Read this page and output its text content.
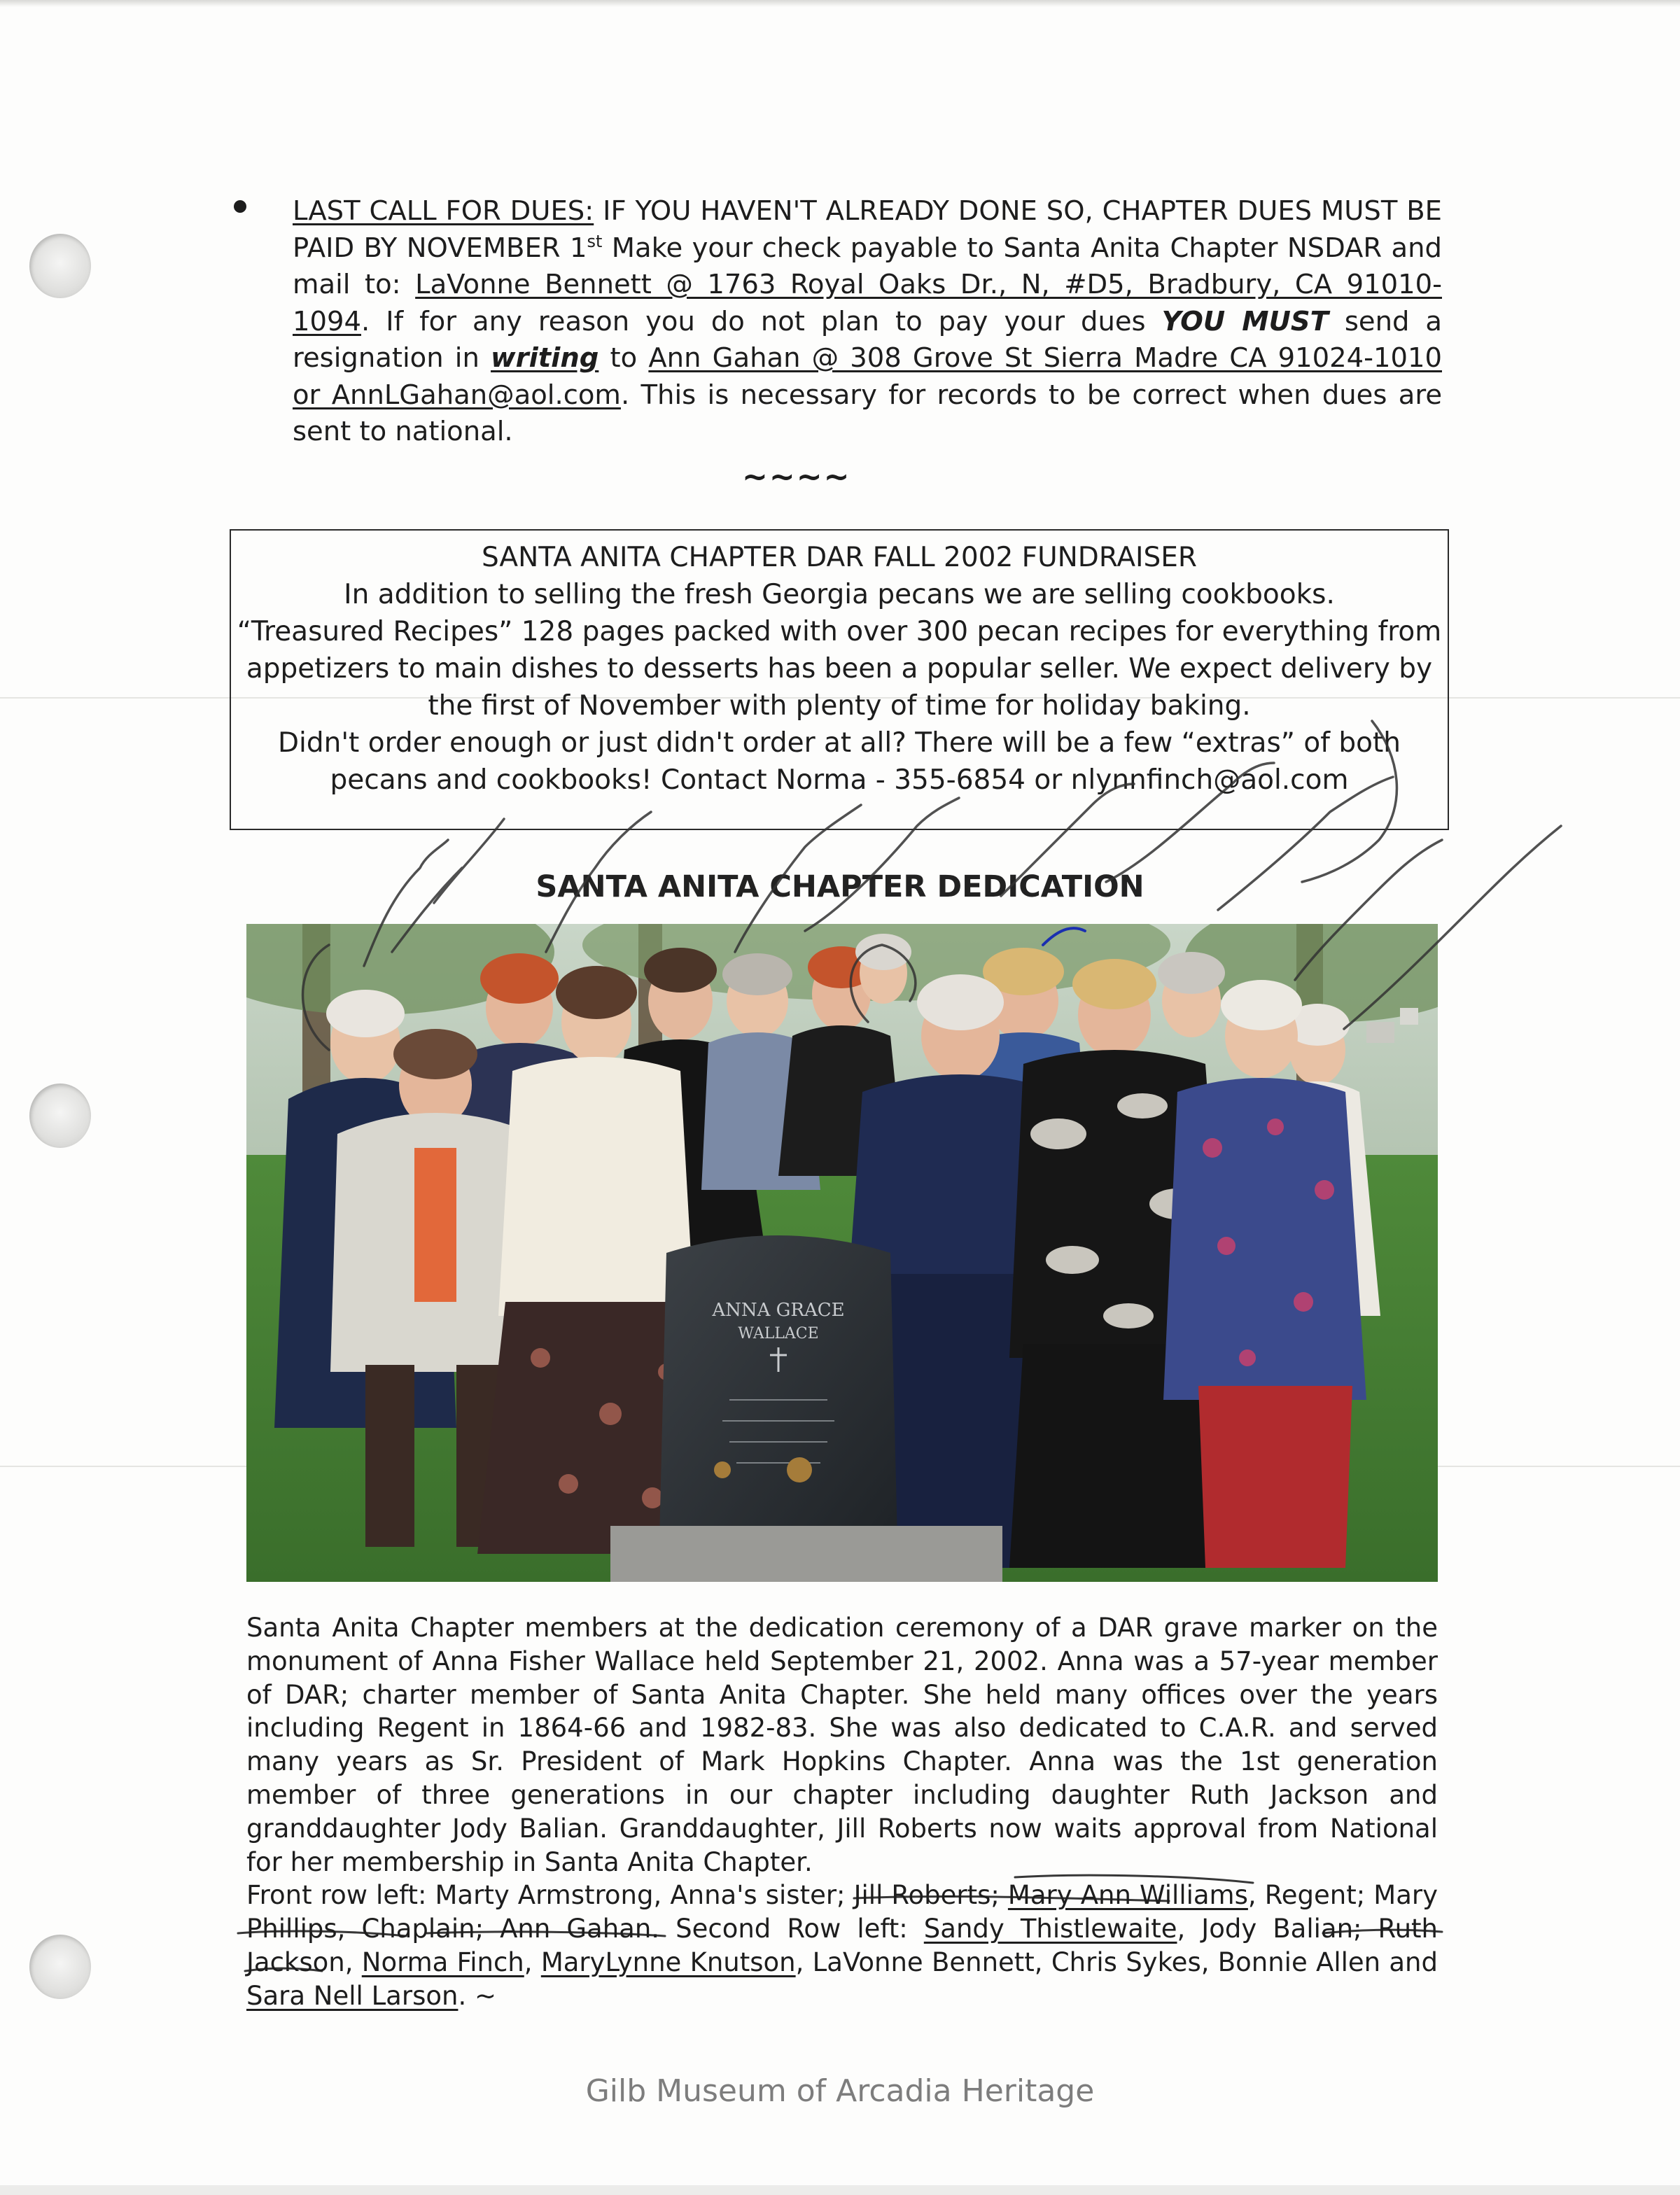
LAST CALL FOR DUES: IF YOU HAVEN'T ALREADY DONE SO, CHAPTER DUES MUST BE PAID BY NOVEMBER 1st Make your check payable to Santa Anita Chapter NSDAR and mail to: LaVonne Bennett @ 1763 Royal Oaks Dr., N, #D5, Bradbury, CA 91010-1094. If for any reason you do not plan to pay your dues YOU MUST send a resignation in writing to Ann Gahan @ 308 Grove St Sierra Madre CA 91024-1010 or AnnLGahan@aol.com. This is necessary for records to be correct when dues are sent to national.
~~~~
SANTA ANITA CHAPTER DAR FALL 2002 FUNDRAISER
In addition to selling the fresh Georgia pecans we are selling cookbooks.
“Treasured Recipes” 128 pages packed with over 300 pecan recipes for everything from
appetizers to main dishes to desserts has been a popular seller. We expect delivery by
the first of November with plenty of time for holiday baking.
Didn't order enough or just didn't order at all? There will be a few “extras” of both
pecans and cookbooks! Contact Norma - 355-6854 or nlynnfinch@aol.com
SANTA ANITA CHAPTER DEDICATION
ANNA GRACE
WALLACE

Santa Anita Chapter members at the dedication ceremony of a DAR grave marker on the monument of Anna Fisher Wallace held September 21, 2002. Anna was a 57-year member of DAR; charter member of Santa Anita Chapter. She held many offices over the years including Regent in 1864-66 and 1982-83. She was also dedicated to C.A.R. and served many years as Sr. President of Mark Hopkins Chapter. Anna was the 1st generation member of three generations in our chapter including daughter Ruth Jackson and granddaughter Jody Balian. Granddaughter, Jill Roberts now waits approval from National for her membership in Santa Anita Chapter.

Front row left: Marty Armstrong, Anna's sister; Jill Roberts; Mary Ann Williams, Regent; Mary Phillips, Chaplain; Ann Gahan. Second Row left: Sandy Thistlewaite, Jody Balian; Ruth Jackson, Norma Finch, MaryLynne Knutson, LaVonne Bennett, Chris Sykes, Bonnie Allen and Sara Nell Larson. ~

Gilb Museum of Arcadia Heritage
